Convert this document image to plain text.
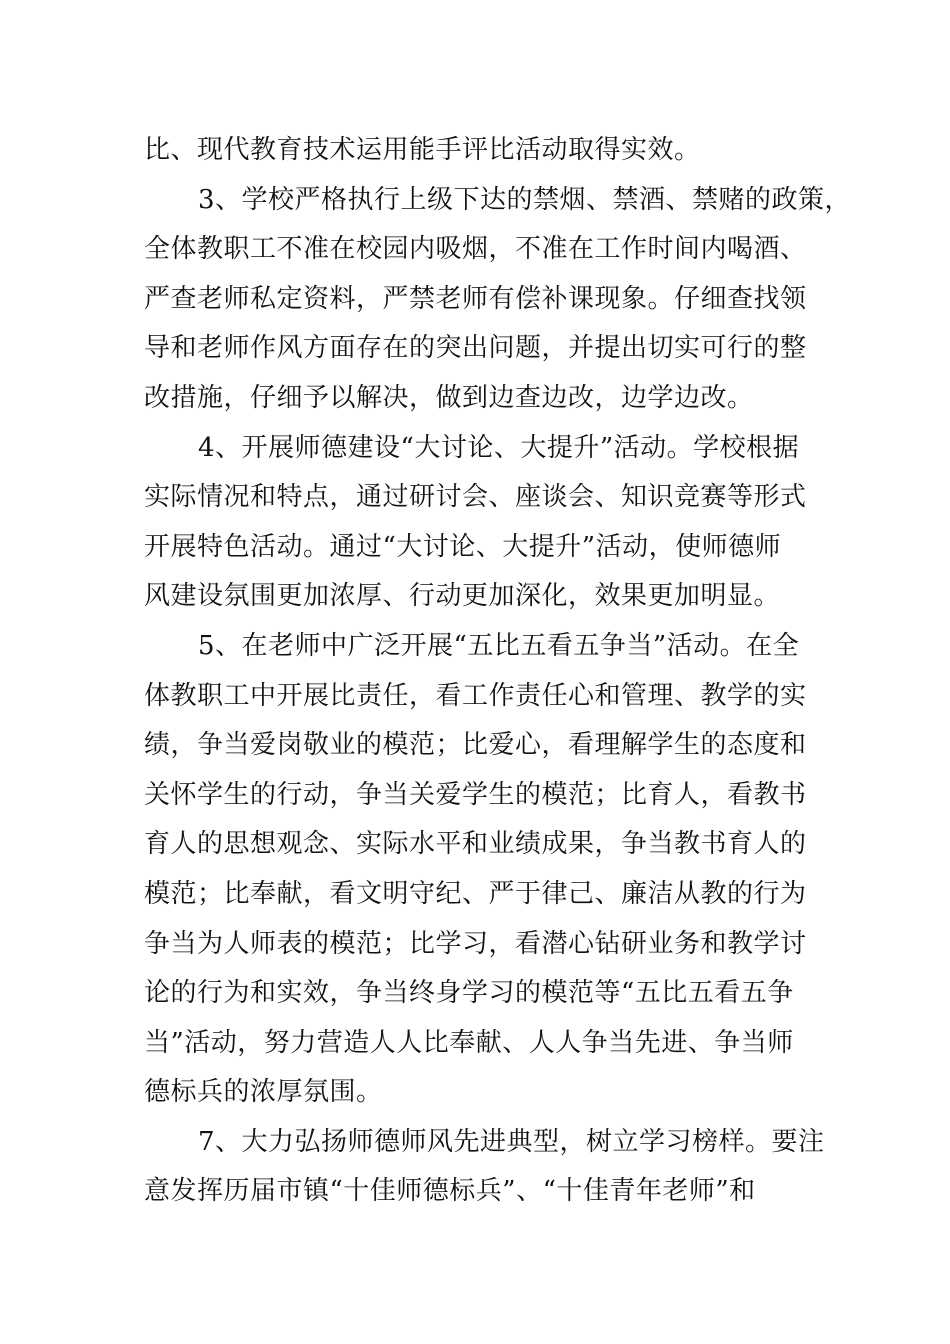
比、现代教育技术运用能手评比活动取得实效。
3、学校严格执行上级下达的禁烟、禁酒、禁赌的政策，
全体教职工不准在校园内吸烟，不准在工作时间内喝酒、
严查老师私定资料，严禁老师有偿补课现象。仔细查找领
导和老师作风方面存在的突出问题，并提出切实可行的整
改措施，仔细予以解决，做到边查边改，边学边改。
4、开展师德建设“大讨论、大提升”活动。学校根据
实际情况和特点，通过研讨会、座谈会、知识竞赛等形式
开展特色活动。通过“大讨论、大提升”活动，使师德师
风建设氛围更加浓厚、行动更加深化，效果更加明显。
5、在老师中广泛开展“五比五看五争当”活动。在全
体教职工中开展比责任，看工作责任心和管理、教学的实
绩，争当爱岗敬业的模范；比爱心，看理解学生的态度和
关怀学生的行动，争当关爱学生的模范；比育人，看教书
育人的思想观念、实际水平和业绩成果，争当教书育人的
模范；比奉献，看文明守纪、严于律己、廉洁从教的行为
争当为人师表的模范；比学习，看潜心钻研业务和教学讨
论的行为和实效，争当终身学习的模范等“五比五看五争
当”活动，努力营造人人比奉献、人人争当先进、争当师
德标兵的浓厚氛围。
7、大力弘扬师德师风先进典型，树立学习榜样。要注
意发挥历届市镇“十佳师德标兵”、“十佳青年老师”和
